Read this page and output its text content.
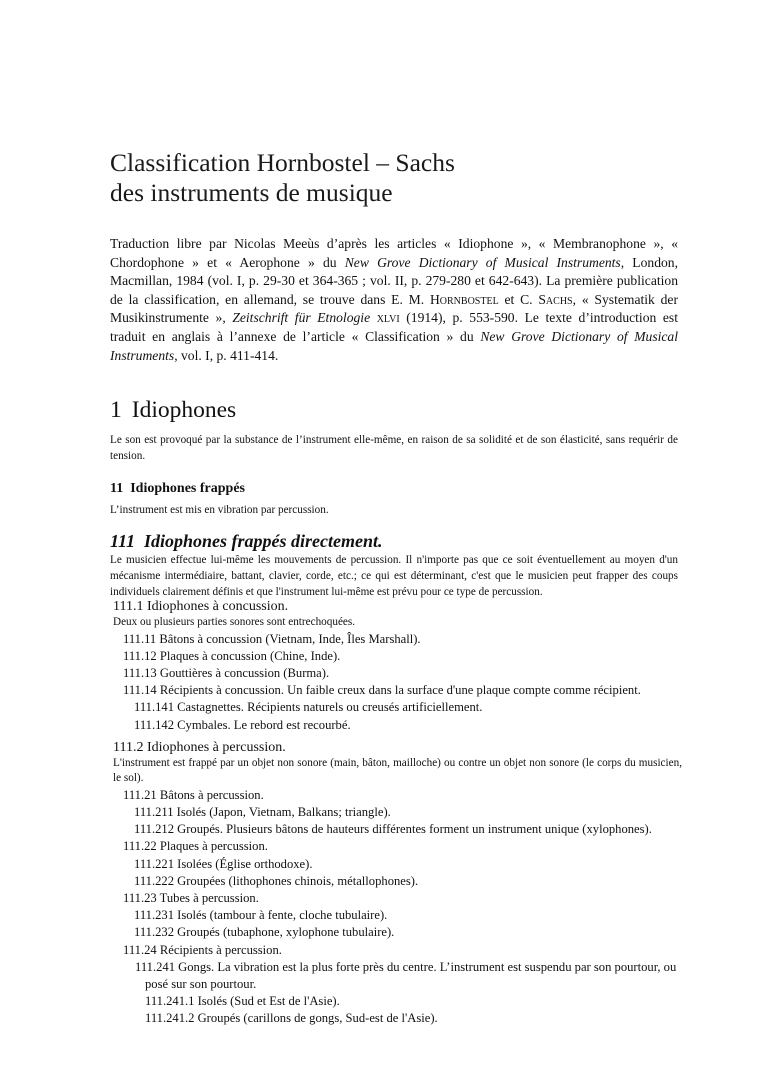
Classification Hornbostel – Sachs
des instruments de musique

Traduction libre par Nicolas Meeùs d’après les articles « Idiophone », « Membranophone », « Chordophone » et « Aerophone » du New Grove Dictionary of Musical Instruments, London, Macmillan, 1984 (vol. I, p. 29-30 et 364-365 ; vol. II, p. 279-280 et 642-643). La première publication de la classification, en allemand, se trouve dans E. M. Hornbostel et C. Sachs, « Systematik der Musikinstrumente », Zeitschrift für Etnologie xlvi (1914), p. 553-590. Le texte d’introduction est traduit en anglais à l’annexe de l’article « Classification » du New Grove Dictionary of Musical Instruments, vol. I, p. 411-414.

1 Idiophones

Le son est provoqué par la substance de l’instrument elle-même, en raison de sa solidité et de son élasticité, sans requérir de tension.

11 Idiophones frappés

L’instrument est mis en vibration par percussion.

111 Idiophones frappés directement.

Le musicien effectue lui-même les mouvements de percussion. Il n'importe pas que ce soit éventuellement au moyen d'un mécanisme intermédiaire, battant, clavier, corde, etc.; ce qui est déterminant, c'est que le musicien peut frapper des coups individuels clairement définis et que l'instrument lui-même est prévu pour ce type de percussion.

111.1 Idiophones à concussion.

Deux ou plusieurs parties sonores sont entrechoquées.

111.11 Bâtons à concussion (Vietnam, Inde, Îles Marshall).

111.12 Plaques à concussion (Chine, Inde).

111.13 Gouttières à concussion (Burma).

111.14 Récipients à concussion. Un faible creux dans la surface d'une plaque compte comme récipient.

111.141 Castagnettes. Récipients naturels ou creusés artificiellement.

111.142 Cymbales. Le rebord est recourbé.

111.2 Idiophones à percussion.

L'instrument est frappé par un objet non sonore (main, bâton, mailloche) ou contre un objet non sonore (le corps du musicien, le sol).

111.21 Bâtons à percussion.

111.211 Isolés (Japon, Vietnam, Balkans; triangle).

111.212 Groupés. Plusieurs bâtons de hauteurs différentes forment un instrument unique (xylophones).

111.22 Plaques à percussion.

111.221 Isolées (Église orthodoxe).

111.222 Groupées (lithophones chinois, métallophones).

111.23 Tubes à percussion.

111.231 Isolés (tambour à fente, cloche tubulaire).

111.232 Groupés (tubaphone, xylophone tubulaire).

111.24 Récipients à percussion.

111.241 Gongs. La vibration est la plus forte près du centre. L’instrument est suspendu par son pourtour, ou posé sur son pourtour.

111.241.1 Isolés (Sud et Est de l'Asie).

111.241.2 Groupés (carillons de gongs, Sud-est de l'Asie).
